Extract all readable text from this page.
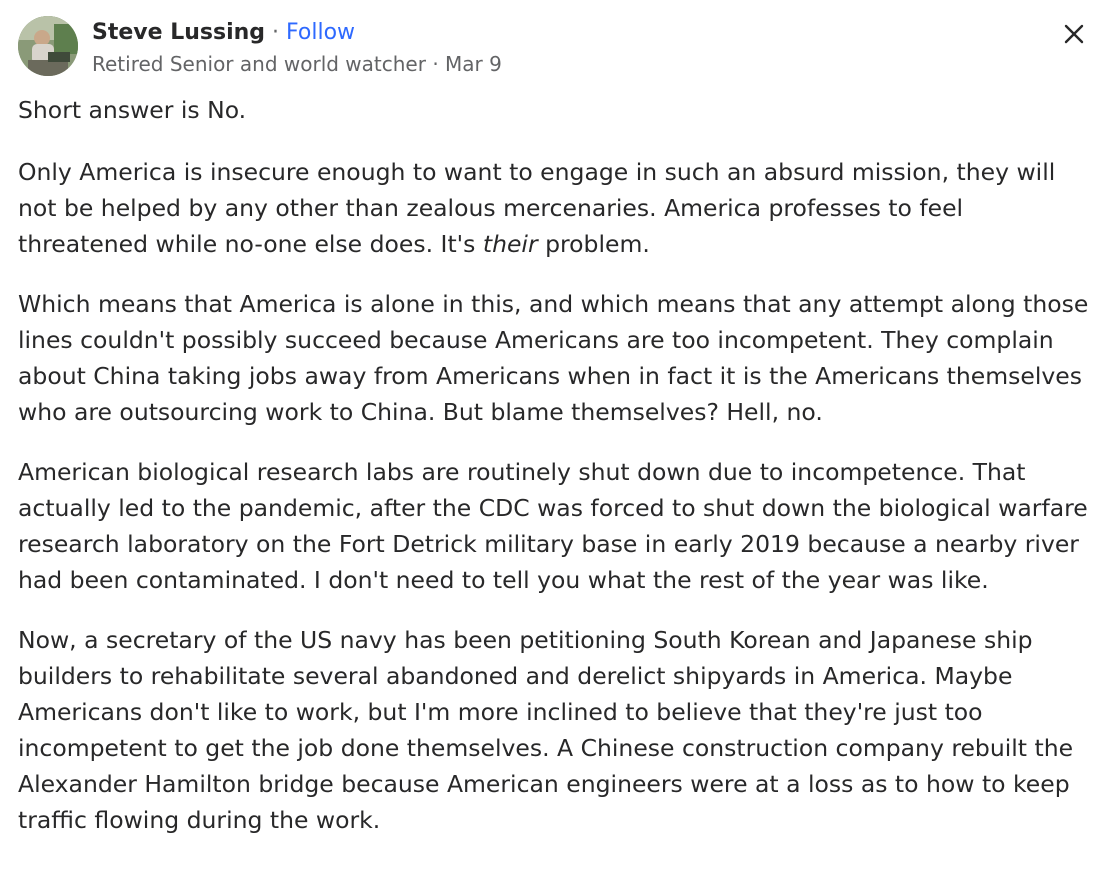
Steve Lussing · Follow
Retired Senior and world watcher · Mar 9

Short answer is No.

Only America is insecure enough to want to engage in such an absurd mission, they will not be helped by any other than zealous mercenaries. America professes to feel threatened while no-one else does. It's their problem.

Which means that America is alone in this, and which means that any attempt along those lines couldn't possibly succeed because Americans are too incompetent. They complain about China taking jobs away from Americans when in fact it is the Americans themselves who are outsourcing work to China. But blame themselves? Hell, no.

American biological research labs are routinely shut down due to incompetence. That actually led to the pandemic, after the CDC was forced to shut down the biological warfare research laboratory on the Fort Detrick military base in early 2019 because a nearby river had been contaminated. I don't need to tell you what the rest of the year was like.

Now, a secretary of the US navy has been petitioning South Korean and Japanese ship builders to rehabilitate several abandoned and derelict shipyards in America. Maybe Americans don't like to work, but I'm more inclined to believe that they're just too incompetent to get the job done themselves. A Chinese construction company rebuilt the Alexander Hamilton bridge because American engineers were at a loss as to how to keep traffic flowing during the work.
